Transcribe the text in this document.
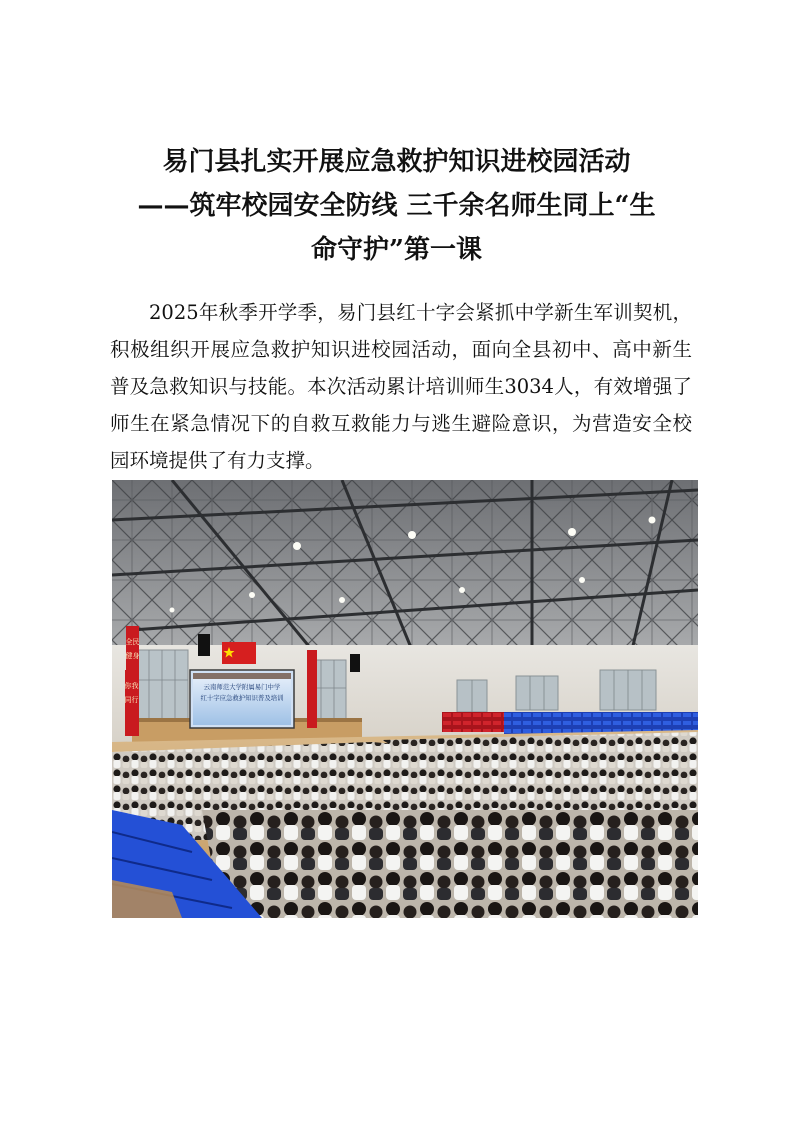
易门县扎实开展应急救护知识进校园活动
——筑牢校园安全防线 三千余名师生同上“生
命守护”第一课

2025年秋季开学季，易门县红十字会紧抓中学新生军训契机，积极组织开展应急救护知识进校园活动，面向全县初中、高中新生普及急救知识与技能。本次活动累计培训师生3034人，有效增强了师生在紧急情况下的自救互救能力与逃生避险意识，为营造安全校园环境提供了有力支撑。

云南师范大学附属易门中学
红十字应急救护知识普及培训
全民
健身
你我
同行
